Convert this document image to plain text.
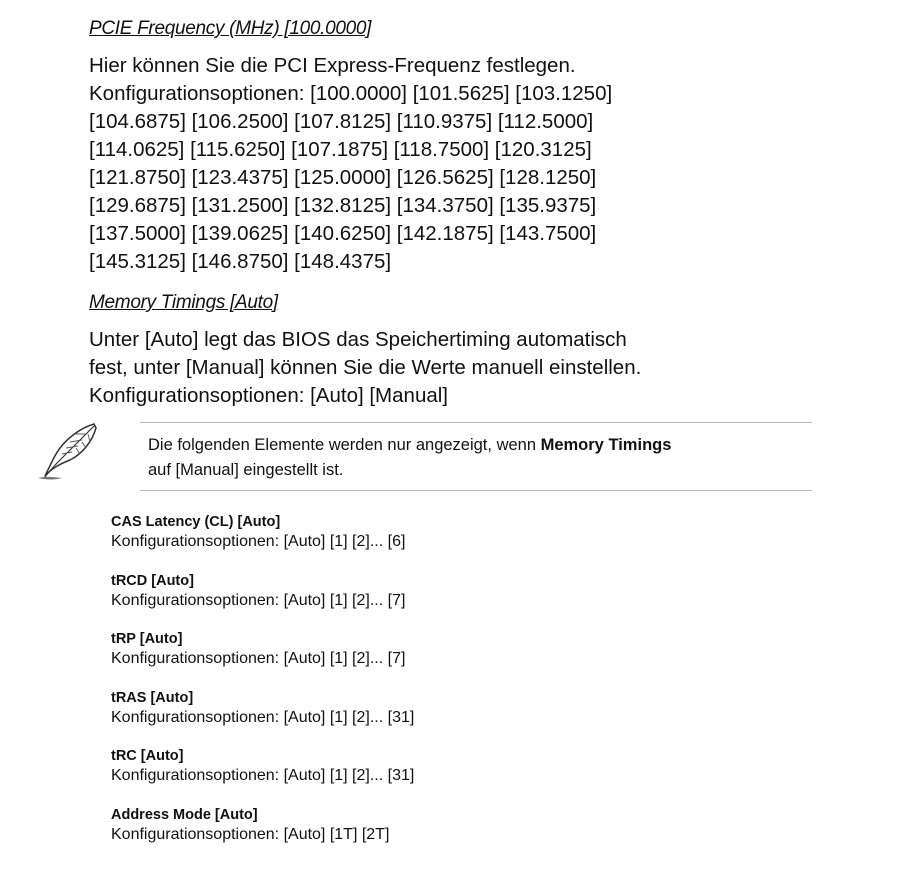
PCIE Frequency (MHz) [100.0000]
Hier können Sie die PCI Express-Frequenz festlegen.
Konfigurationsoptionen: [100.0000] [101.5625] [103.1250]
[104.6875] [106.2500] [107.8125] [110.9375] [112.5000]
[114.0625] [115.6250] [107.1875] [118.7500] [120.3125]
[121.8750] [123.4375] [125.0000] [126.5625] [128.1250]
[129.6875] [131.2500] [132.8125] [134.3750] [135.9375]
[137.5000] [139.0625] [140.6250] [142.1875] [143.7500]
[145.3125] [146.8750] [148.4375]
Memory Timings [Auto]
Unter [Auto] legt das BIOS das Speichertiming automatisch
fest, unter [Manual] können Sie die Werte manuell einstellen.
Konfigurationsoptionen: [Auto] [Manual]
Die folgenden Elemente werden nur angezeigt, wenn Memory Timings
auf [Manual] eingestellt ist.
CAS Latency (CL) [Auto]
Konfigurationsoptionen: [Auto] [1] [2]... [6]
tRCD [Auto]
Konfigurationsoptionen: [Auto] [1] [2]... [7]
tRP [Auto]
Konfigurationsoptionen: [Auto] [1] [2]... [7]
tRAS [Auto]
Konfigurationsoptionen: [Auto] [1] [2]... [31]
tRC [Auto]
Konfigurationsoptionen: [Auto] [1] [2]... [31]
Address Mode [Auto]
Konfigurationsoptionen: [Auto] [1T] [2T]
